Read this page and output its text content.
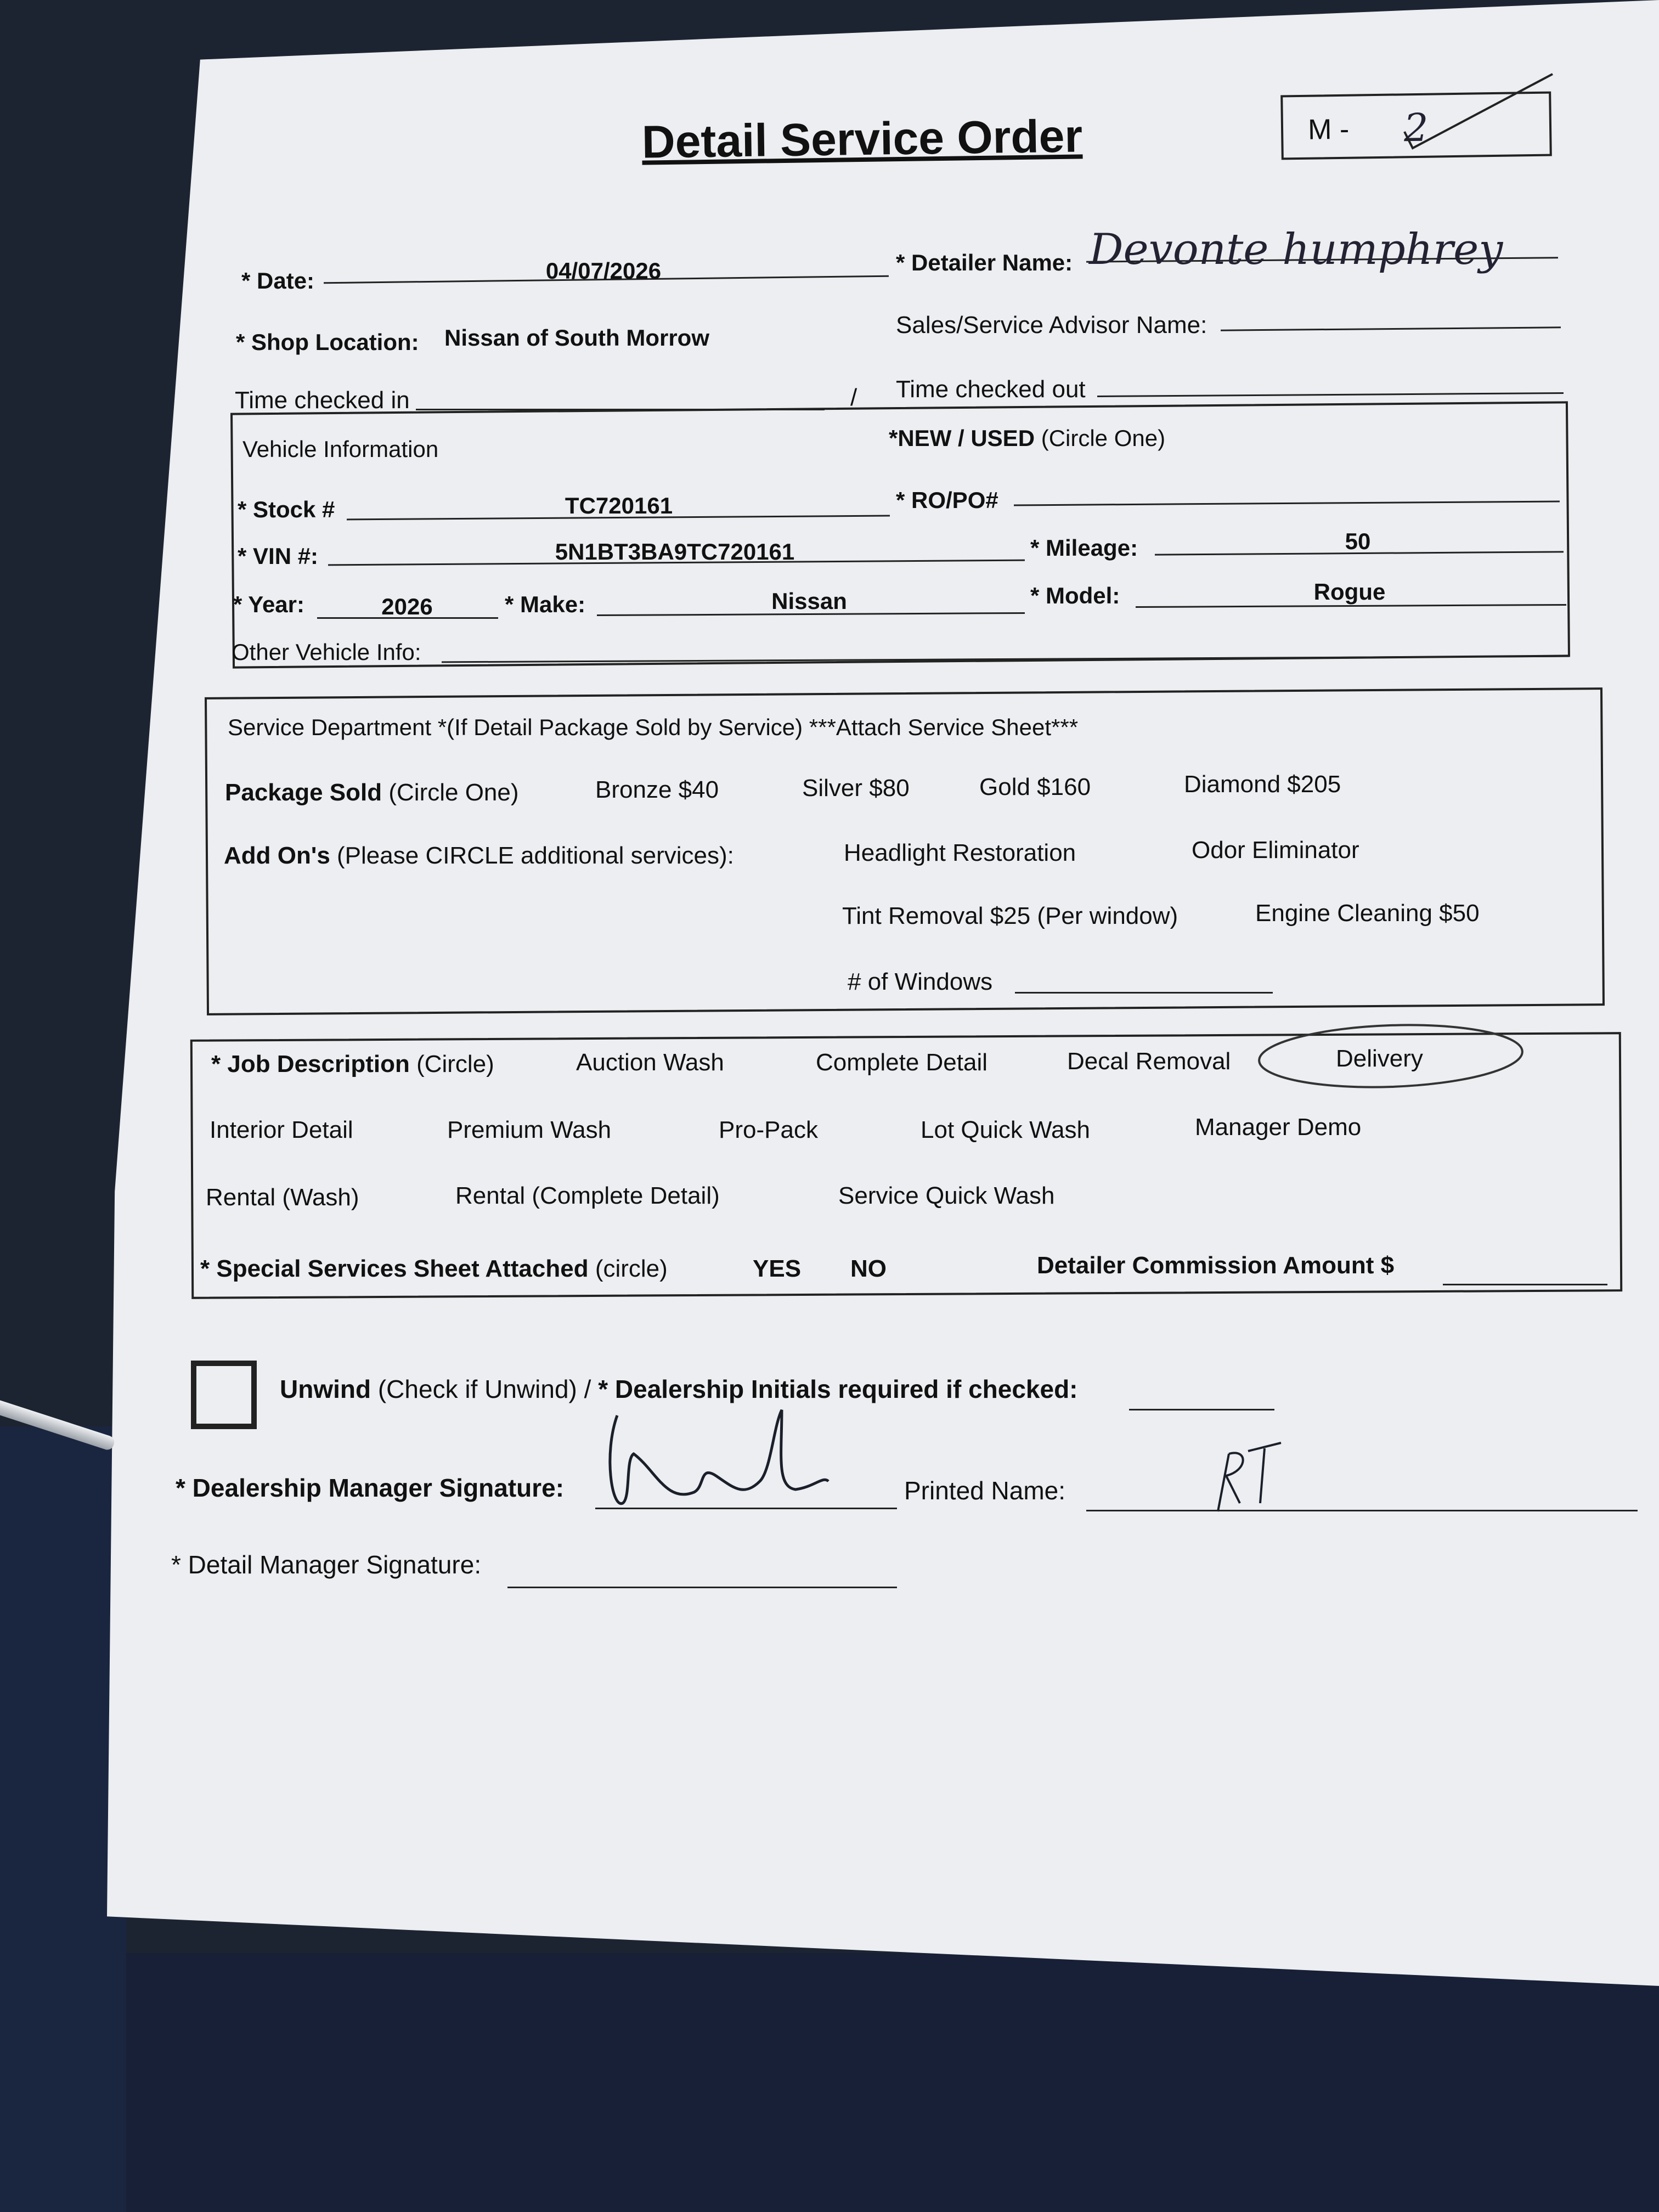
Detail Service Order	M - 2
* Date:	04/07/2026	* Detailer Name: Devonte humphrey
* Shop Location: Nissan of South Morrow	Sales/Service Advisor Name:
Time checked in	/ Time checked out
Vehicle Information	*NEW / USED (Circle One)
* Stock #	TC720161	* RO/PO#
* VIN #:	5N1BT3BA9TC720161	* Mileage:	50
* Year:	2026	* Make:	Nissan	* Model:	Rogue
Other Vehicle Info:
Service Department *(If Detail Package Sold by Service) ***Attach Service Sheet***
Package Sold (Circle One)	Bronze $40	Silver $80	Gold $160	Diamond $205
Add On's (Please CIRCLE additional services):	Headlight Restoration	Odor Eliminator
Tint Removal $25 (Per window)	Engine Cleaning $50
# of Windows
* Job Description (Circle)	Auction Wash	Complete Detail	Decal Removal	Delivery
Interior Detail	Premium Wash	Pro-Pack	Lot Quick Wash	Manager Demo
Rental (Wash)	Rental (Complete Detail)	Service Quick Wash
* Special Services Sheet Attached (circle)	YES NO	Detailer Commission Amount $
Unwind (Check if Unwind) / * Dealership Initials required if checked:
* Dealership Manager Signature:	Printed Name:
* Detail Manager Signature:
